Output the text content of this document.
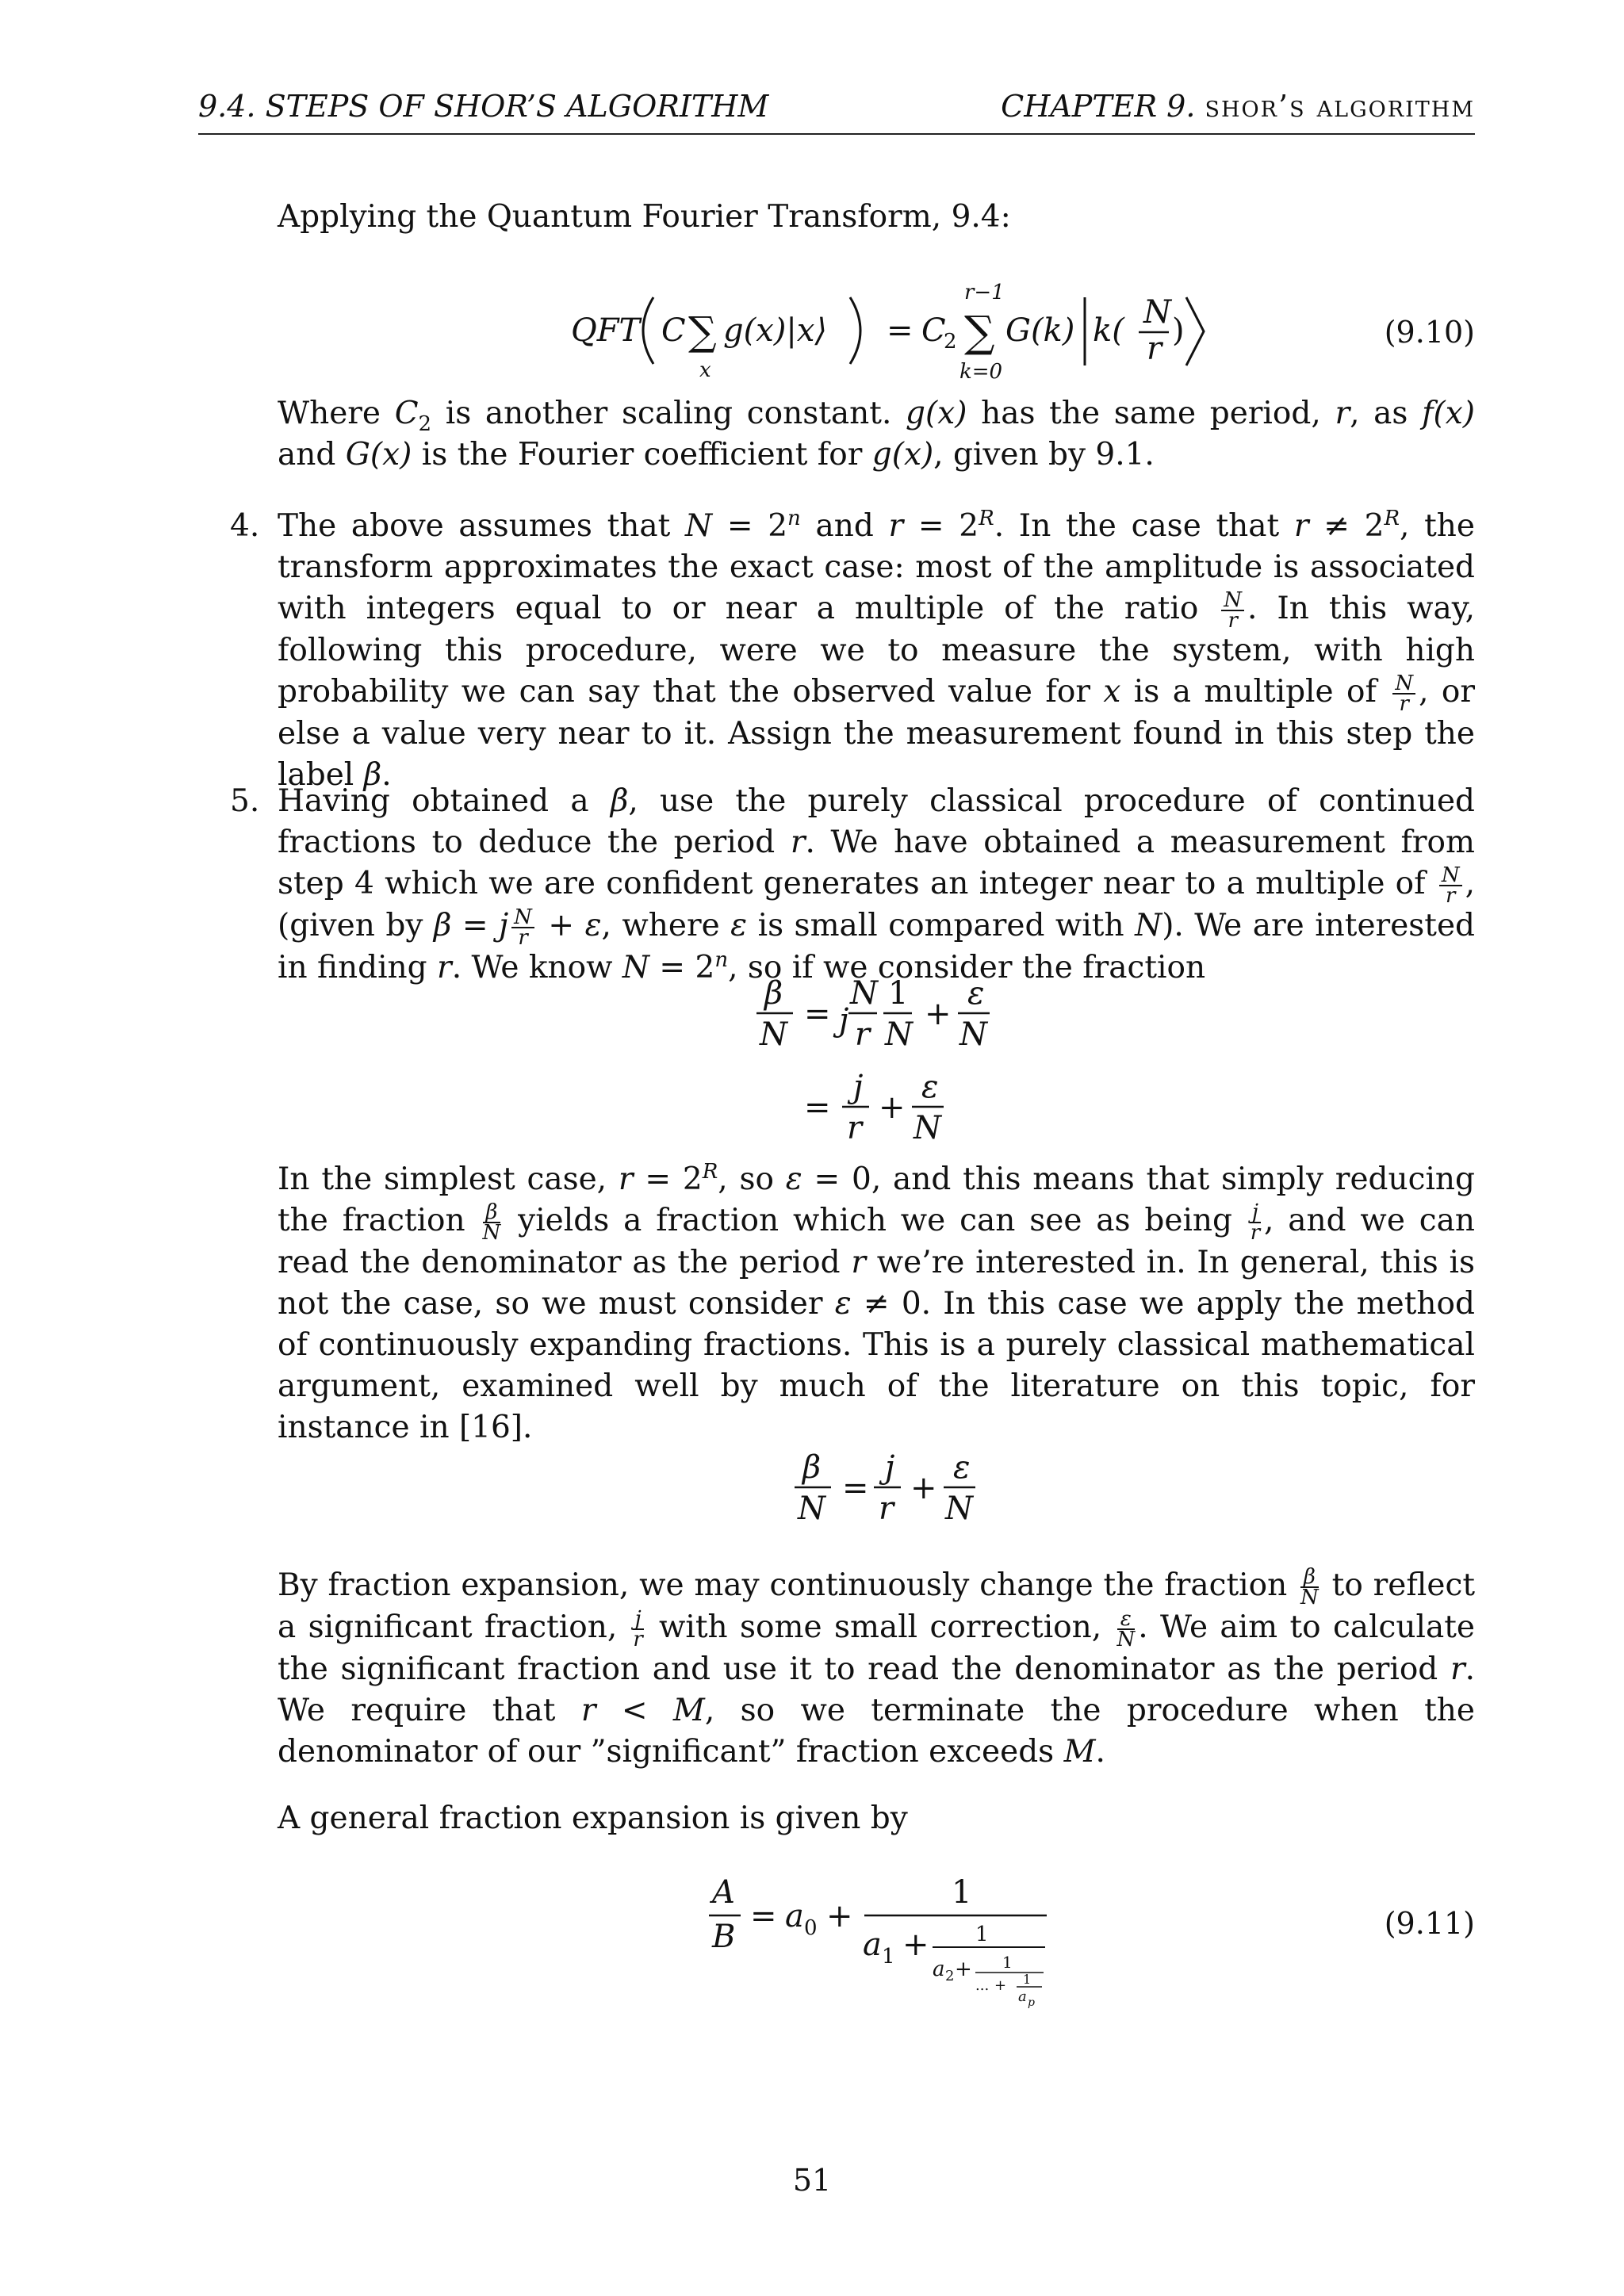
9.4. STEPS OF SHOR’S ALGORITHM	CHAPTER 9. shor’s algorithm
Applying the Quantum Fourier Transform, 9.4:
QFT C ∑
x
g(x)|x⟩ = C
2 ∑
r−1
k=0
G(k) k( N
r )	(9.10)
Where $C_2$ is another scaling constant. g(x) has the same period, r, as f(x) and G(x) is the Fourier coefficient for g(x), given by 9.1.
4. The above assumes that $N = 2^n$ and $r = 2^R$. In the case that $r \ne 2^R$, the transform approximates the exact case: most of the amplitude is associated with integers equal to or near a multiple of the ratio $\frac{N}{r}$ . In this way, following this procedure, were we to measure the system, with high probability we can say that the observed value for x is a multiple of $\frac{N}{r}$ , or else a value very near to it. Assign the measurement found in this step the label β.
5. Having obtained a β, use the purely classical procedure of continued fractions to deduce the period r. We have obtained a measurement from step 4 which we are confident generates an integer near to a multiple of $\frac{N}{r}$ , (given by β = j $\frac{N}{r} + \varepsilon$, where ε is small compared with N). We are interested in finding r. We know $N = 2^n$, so if we consider the fraction
β
N
= j
N
r
1
N
+
ε
N
=
j
r
+
ε
N
In the simplest case, $r = 2^R$, so ε = 0, and this means that simply reducing the fraction $\frac{\beta}{N}$ yields a fraction which we can see as being $\frac{j}{r}$ , and we can read the denominator as the period r we’re interested in. In general, this is not the case, so we must consider ε ≠ 0. In this case we apply the method of continuously expanding fractions. This is a purely classical mathematical argument, examined well by much of the literature on this topic, for instance in [16].
β
N
=
j
r
+
ε
N
By fraction expansion, we may continuously change the fraction $\frac{\beta}{N}$ to reflect a significant fraction, $\frac{j}{r}$ with some small correction, $\frac{\varepsilon}{N}$ . We aim to calculate the significant fraction and use it to read the denominator as the period r. We require that r < M, so we terminate the procedure when the denominator of our ”significant” fraction exceeds M.
A general fraction expansion is given by
A
B
= a 0 +
1
a 1 + 1
a 2 + 1
... + 1
a p
(9.11)
51
